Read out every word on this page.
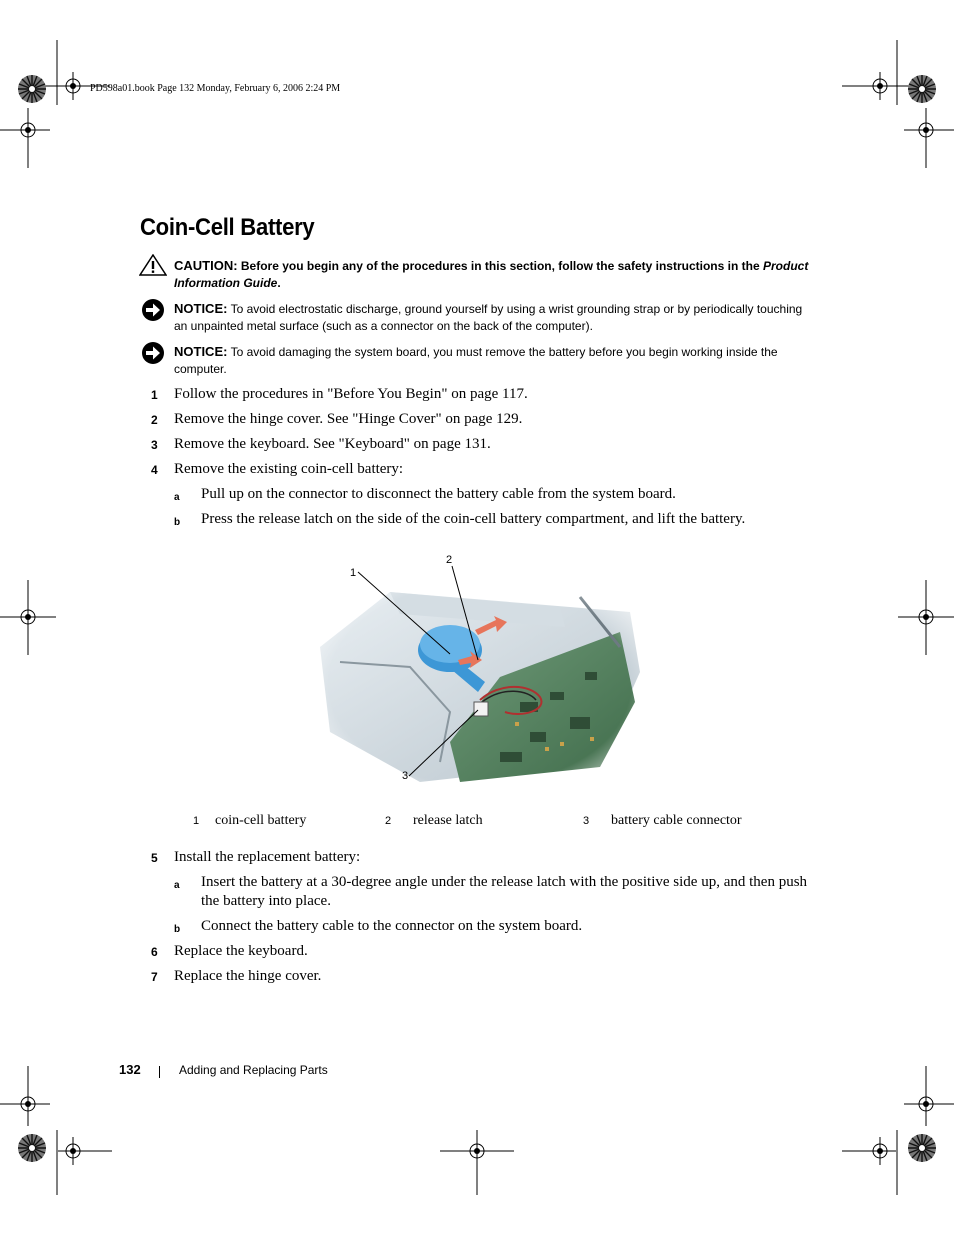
PD598a01.book Page 132 Monday, February 6, 2006 2:24 PM
Coin-Cell Battery
CAUTION: Before you begin any of the procedures in this section, follow the safety instructions in the Product Information Guide.
NOTICE: To avoid electrostatic discharge, ground yourself by using a wrist grounding strap or by periodically touching an unpainted metal surface (such as a connector on the back of the computer).
NOTICE: To avoid damaging the system board, you must remove the battery before you begin working inside the computer.
1 Follow the procedures in "Before You Begin" on page 117.
2 Remove the hinge cover. See "Hinge Cover" on page 129.
3 Remove the keyboard. See "Keyboard" on page 131.
4 Remove the existing coin-cell battery:
a Pull up on the connector to disconnect the battery cable from the system board.
b Press the release latch on the side of the coin-cell battery compartment, and lift the battery.
1
2
3
1 coin-cell battery	2 release latch	3 battery cable connector
5 Install the replacement battery:
a Insert the battery at a 30-degree angle under the release latch with the positive side up, and then push the battery into place.
b Connect the battery cable to the connector on the system board.
6 Replace the keyboard.
7 Replace the hinge cover.
132	Adding and Replacing Parts
